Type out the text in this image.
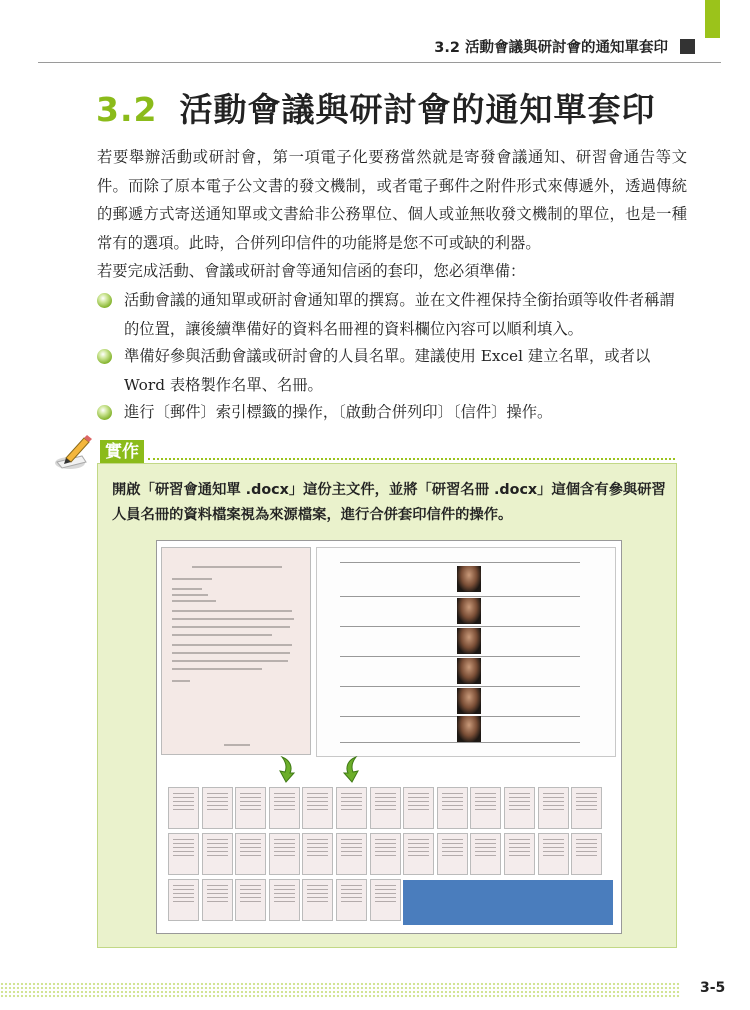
3.2 活動會議與研討會的通知單套印
3.2 活動會議與研討會的通知單套印
若要舉辦活動或研討會，第一項電子化要務當然就是寄發會議通知、研習會通告等文件。而除了原本電子公文書的發文機制，或者電子郵件之附件形式來傳遞外，透過傳統的郵遞方式寄送通知單或文書給非公務單位、個人或並無收發文機制的單位，也是一種常有的選項。此時，合併列印信件的功能將是您不可或缺的利器。
若要完成活動、會議或研討會等通知信函的套印，您必須準備：
活動會議的通知單或研討會通知單的撰寫。並在文件裡保持全銜抬頭等收件者稱謂的位置，讓後續準備好的資料名冊裡的資料欄位內容可以順利填入。
準備好參與活動會議或研討會的人員名單。建議使用 Excel 建立名單，或者以 Word 表格製作名單、名冊。
進行〔郵件〕索引標籤的操作，〔啟動合併列印〕〔信件〕操作。
實作
開啟「研習會通知單 .docx」這份主文件，並將「研習名冊 .docx」這個含有參與研習人員名冊的資料檔案視為來源檔案，進行合併套印信件的操作。
3-5
